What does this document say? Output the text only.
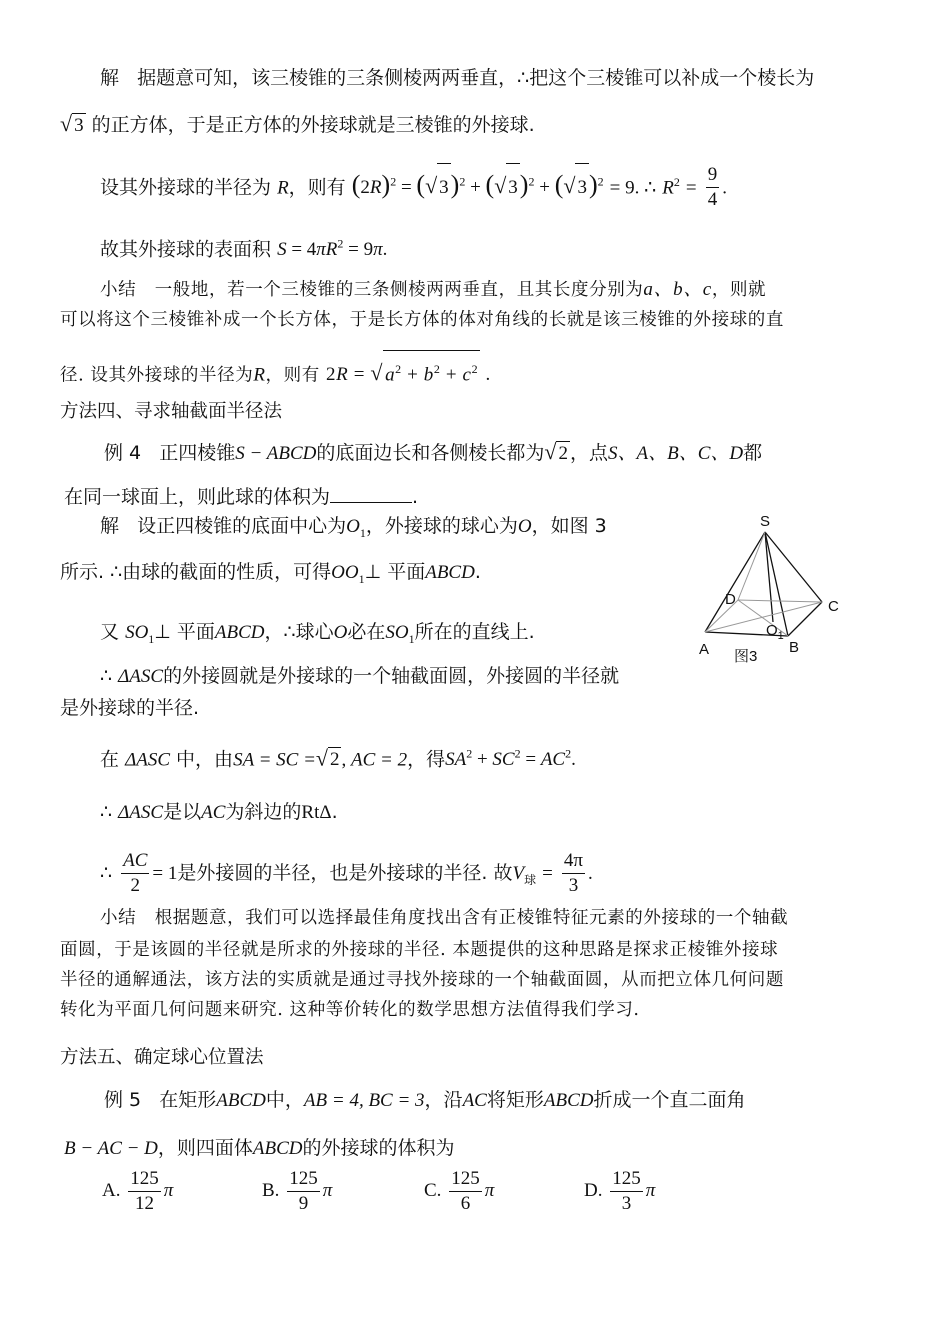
解 据题意可知，该三棱锥的三条侧棱两两垂直，∴把这个三棱锥可以补成一个棱长为
√ 3 的正方体，于是正方体的外接球就是三棱锥的外接球.
设其外接球的半径为 R，则有 $(2R)^2$ = (√ 3)$^2$ + (√ 3)$^2$ + (√ 3)$^2$ = 9. ∴ $R^2 = \frac{9}{4}$ .
故其外接球的表面积 $S = 4\pi R^2 = 9\pi$.
小结 一般地，若一个三棱锥的三条侧棱两两垂直，且其长度分别为a、b、c，则就
可以将这个三棱锥补成一个长方体，于是长方体的体对角线的长就是该三棱锥的外接球的直
径. 设其外接球的半径为R，则有 2R = √ $a^2 + b^2 + c^2$ .
方法四、寻求轴截面半径法
例 4 正四棱锥S − ABCD的底面边长和各侧棱长都为√ 2 ，点S、A、B、C、D都
在同一球面上，则此球的体积为	.
解 设正四棱锥的底面中心为$O_1$，外接球的球心为O，如图 3
所示. ∴由球的截面的性质，可得$OO_1\perp$ 平面ABCD.
又 $SO_1\perp$ 平面ABCD，∴球心O必在$SO_1$所在的直线上.
∴ ΔASC的外接圆就是外接球的一个轴截面圆，外接圆的半径就
是外接球的半径.
在 ΔASC 中，由SA = SC =√ 2 , AC = 2，得$SA^2 + SC^2 = AC^2$.
∴ ΔASC是以AC为斜边的RtΔ.
∴ $\frac{AC}{2} = 1$是外接圆的半径，也是外接球的半径. 故$V_球 = \frac{4\pi}{3}$ .
S
A	B
C
D
$O_1$
图3
小结 根据题意，我们可以选择最佳角度找出含有正棱锥特征元素的外接球的一个轴截
面圆，于是该圆的半径就是所求的外接球的半径. 本题提供的这种思路是探求正棱锥外接球
半径的通解通法，该方法的实质就是通过寻找外接球的一个轴截面圆，从而把立体几何问题
转化为平面几何问题来研究. 这种等价转化的数学思想方法值得我们学习.
方法五、确定球心位置法
例 5 在矩形ABCD中，AB = 4, BC = 3，沿AC将矩形ABCD折成一个直二面角
B − AC − D，则四面体ABCD的外接球的体积为
A. $\frac{125}{12}$ π	B. $\frac{125}{9}$ π	C. $\frac{125}{6}$ π	D. $\frac{125}{3}$ π
